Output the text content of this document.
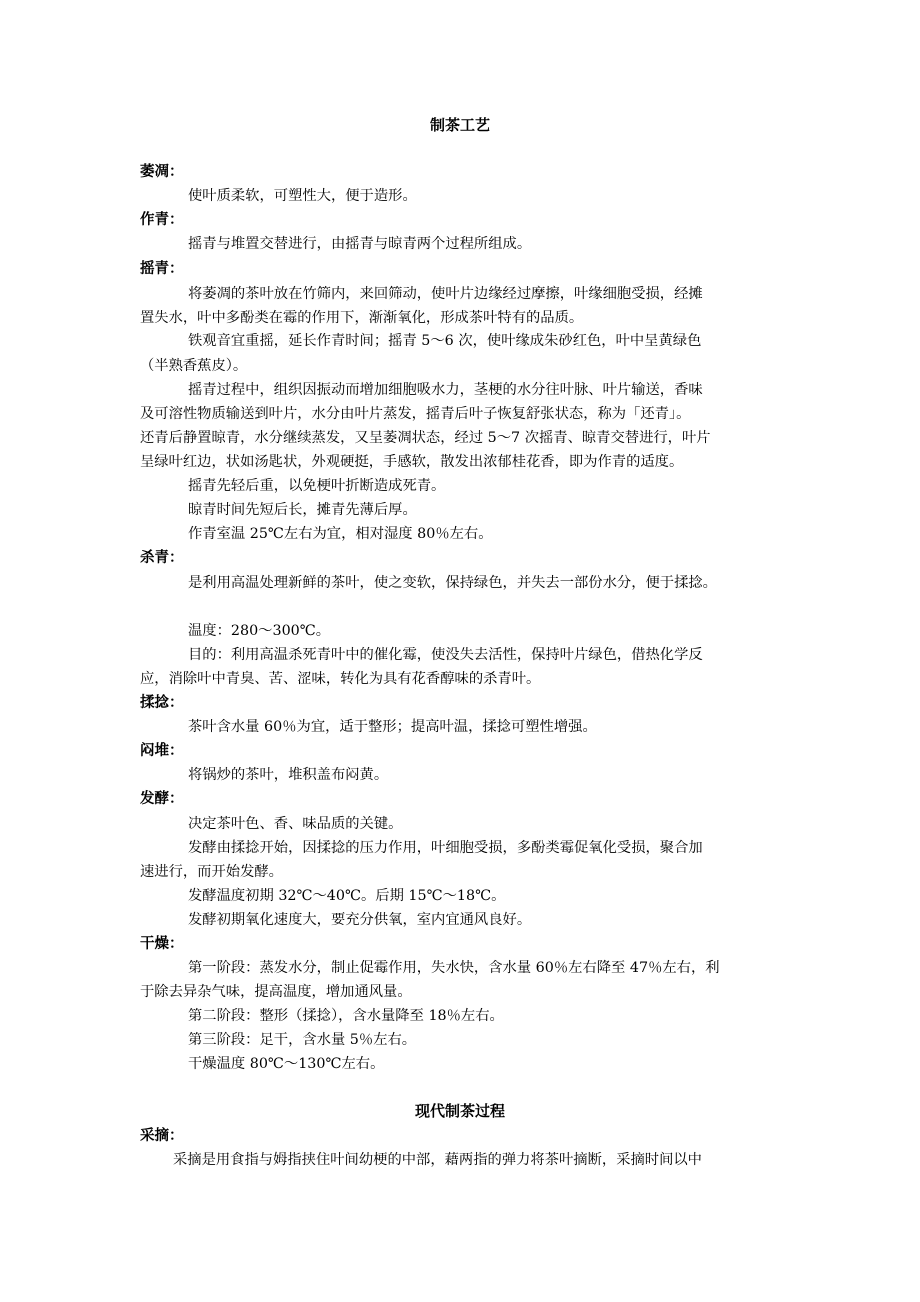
制茶工艺
萎凋：
使叶质柔软，可塑性大，便于造形。
作青：
摇青与堆置交替进行，由摇青与晾青两个过程所组成。
摇青：
将萎凋的茶叶放在竹筛内，来回筛动，使叶片边缘经过摩擦，叶缘细胞受损，经摊
置失水，叶中多酚类在霉的作用下，渐渐氧化，形成茶叶特有的品质。
铁观音宜重摇，延长作青时间；摇青 5～6 次，使叶缘成朱砂红色，叶中呈黄绿色
（半熟香蕉皮）。
摇青过程中，组织因振动而增加细胞吸水力，茎梗的水分往叶脉、叶片输送，香味
及可溶性物质输送到叶片，水分由叶片蒸发，摇青后叶子恢复舒张状态，称为「还青」。
还青后静置晾青，水分继续蒸发，又呈萎凋状态，经过 5～7 次摇青、晾青交替进行，叶片
呈绿叶红边，状如汤匙状，外观硬挺，手感软，散发出浓郁桂花香，即为作青的适度。
摇青先轻后重，以免梗叶折断造成死青。
晾青时间先短后长，摊青先薄后厚。
作青室温 25℃左右为宜，相对湿度 80％左右。
杀青：
是利用高温处理新鲜的茶叶，使之变软，保持绿色，并失去一部份水分，便于揉捻。
温度：280～300℃。
目的：利用高温杀死青叶中的催化霉，使没失去活性，保持叶片绿色，借热化学反
应，消除叶中青臭、苦、涩味，转化为具有花香醇味的杀青叶。
揉捻：
茶叶含水量 60％为宜，适于整形；提高叶温，揉捻可塑性增强。
闷堆：
将锅炒的茶叶，堆积盖布闷黄。
发酵：
决定茶叶色、香、味品质的关键。
发酵由揉捻开始，因揉捻的压力作用，叶细胞受损，多酚类霉促氧化受损，聚合加
速进行，而开始发酵。
发酵温度初期 32℃～40℃。后期 15℃～18℃。
发酵初期氧化速度大，要充分供氧，室内宜通风良好。
干燥：
第一阶段：蒸发水分，制止促霉作用，失水快，含水量 60％左右降至 47％左右，利
于除去异杂气味，提高温度，增加通风量。
第二阶段：整形（揉捻），含水量降至 18％左右。
第三阶段：足干，含水量 5％左右。
干燥温度 80℃～130℃左右。
现代制茶过程
采摘：
采摘是用食指与姆指挟住叶间幼梗的中部，藉两指的弹力将茶叶摘断，采摘时间以中
